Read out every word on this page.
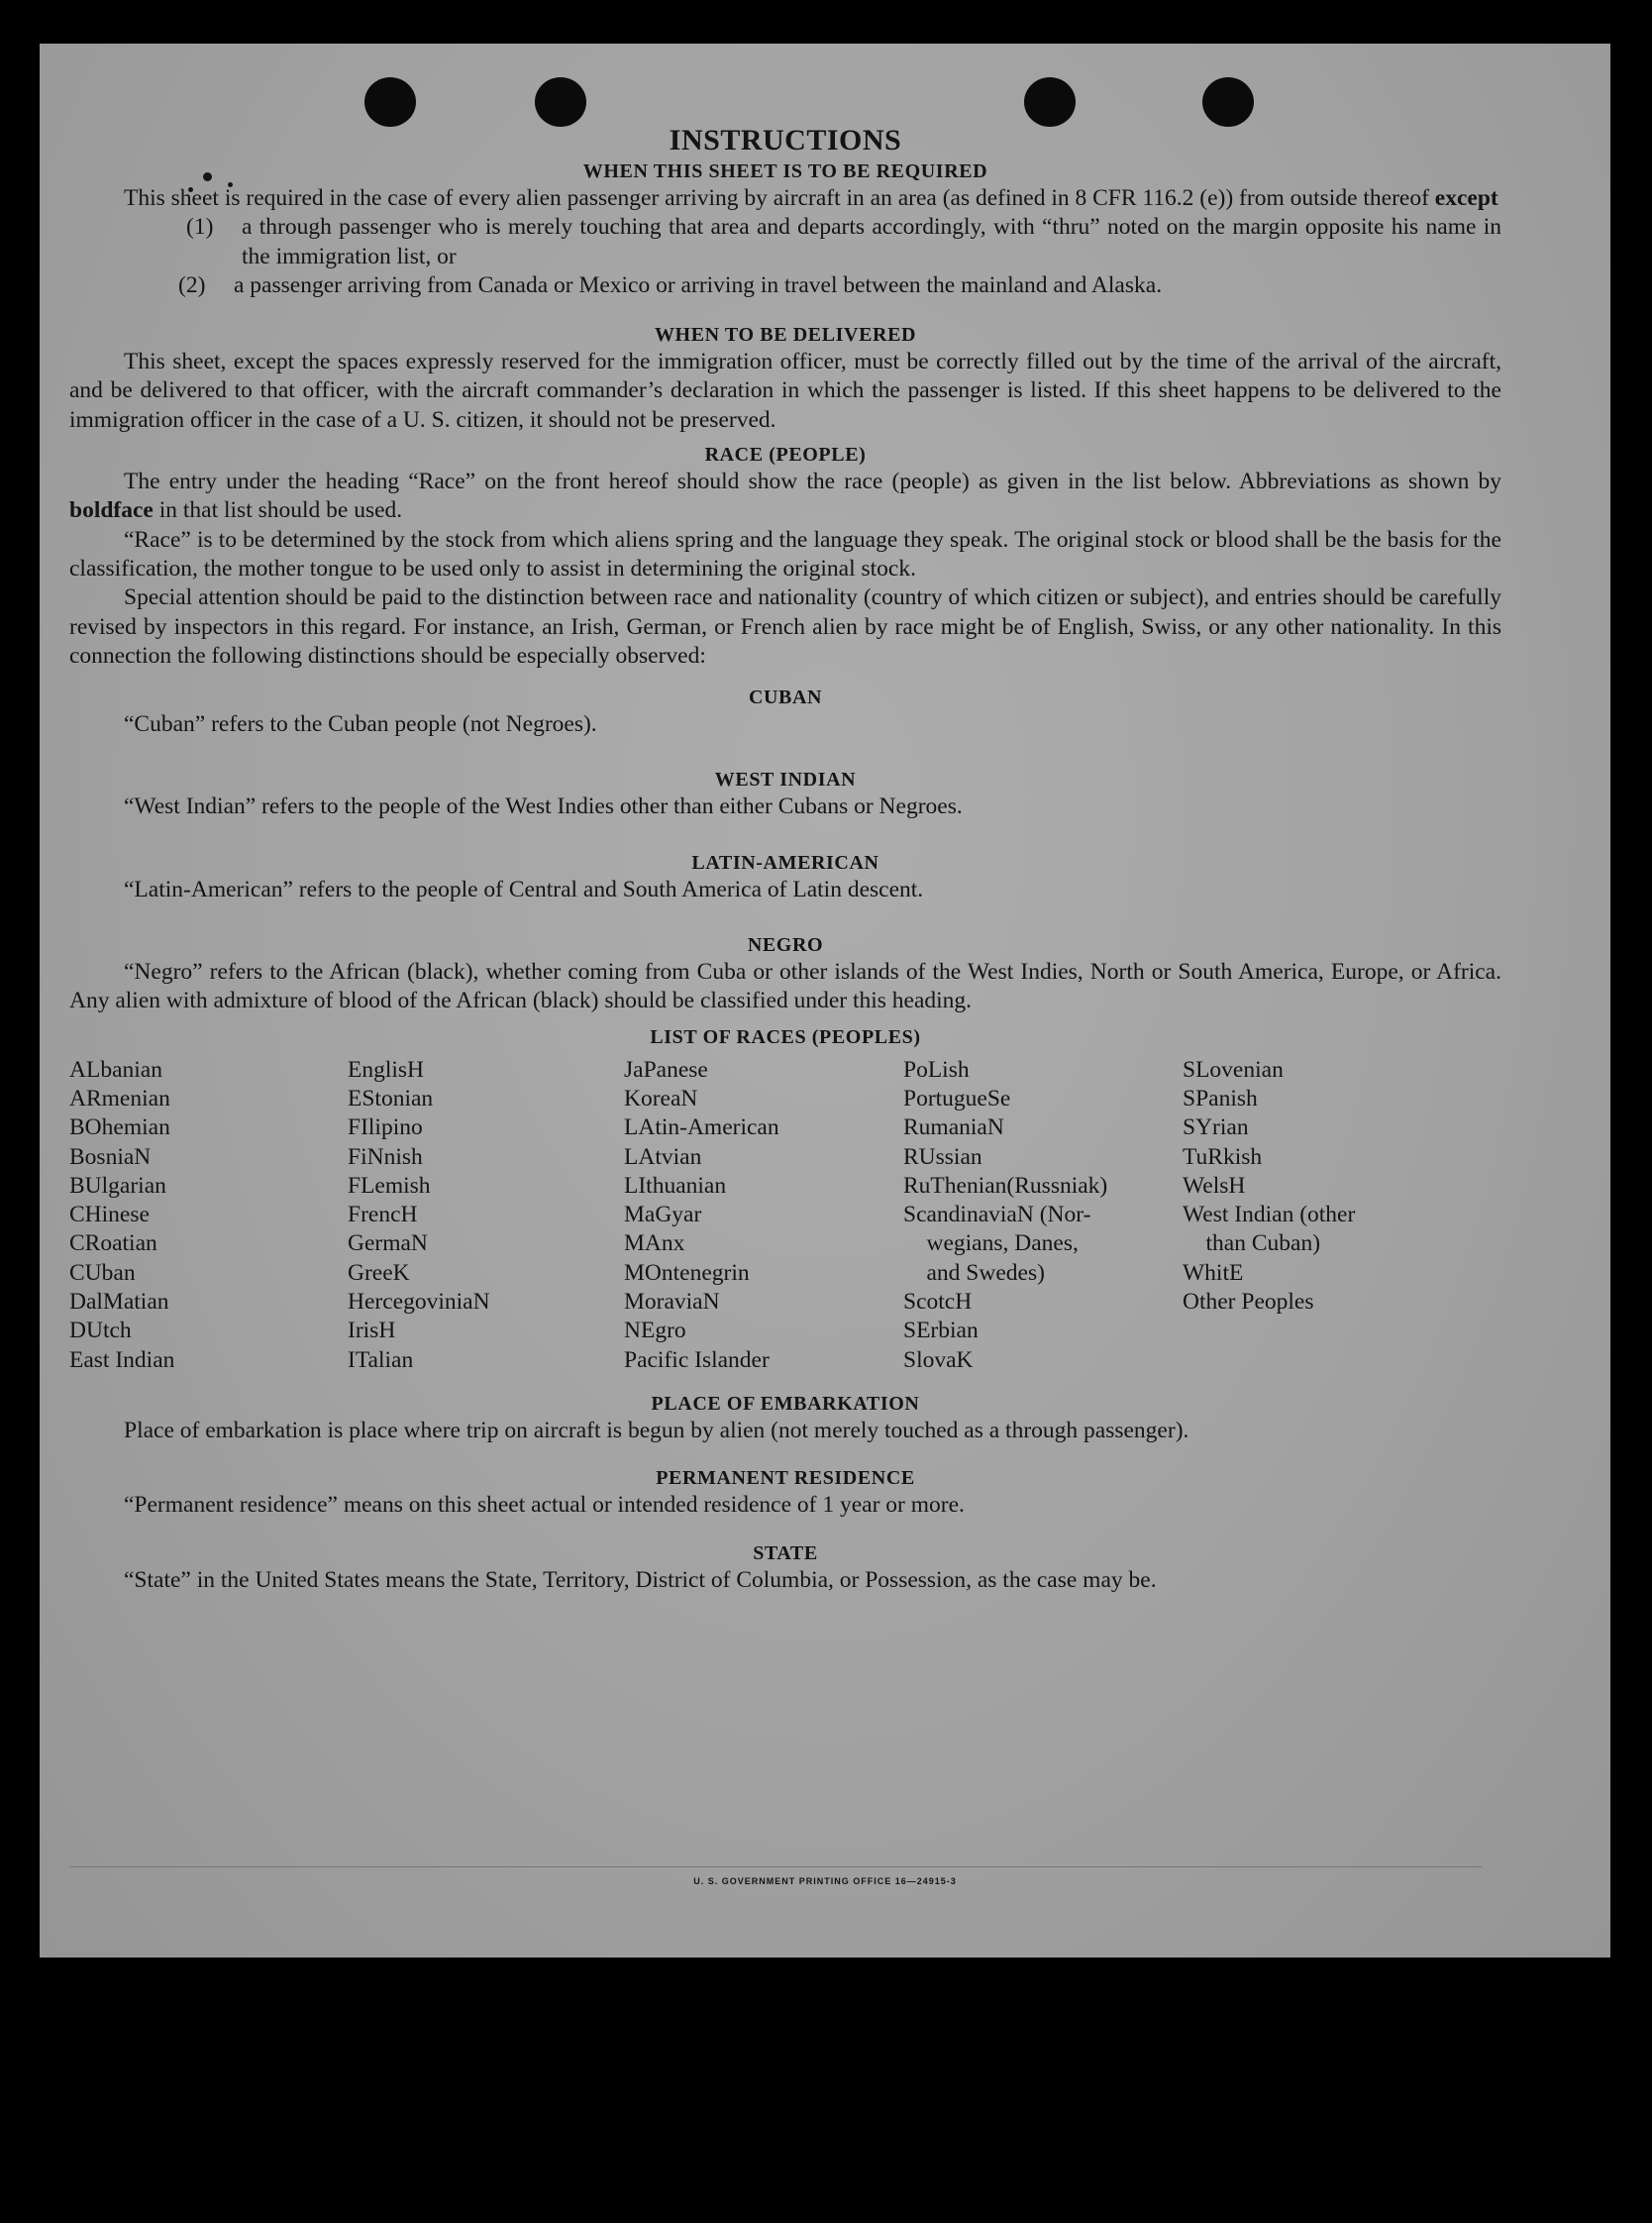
INSTRUCTIONS
WHEN THIS SHEET IS TO BE REQUIRED

This sheet is required in the case of every alien passenger arriving by aircraft in an area (as defined in 8 CFR 116.2 (e)) from outside thereof except

(1)	a through passenger who is merely touching that area and departs accordingly, with “thru” noted on the margin opposite his name in the immigration list, or
(2)	a passenger arriving from Canada or Mexico or arriving in travel between the mainland and Alaska.
WHEN TO BE DELIVERED

This sheet, except the spaces expressly reserved for the immigration officer, must be correctly filled out by the time of the arrival of the aircraft, and be delivered to that officer, with the aircraft commander’s declaration in which the passenger is listed. If this sheet happens to be delivered to the immigration officer in the case of a U. S. citizen, it should not be preserved.

RACE (PEOPLE)

The entry under the heading “Race” on the front hereof should show the race (people) as given in the list below. Abbreviations as shown by boldface in that list should be used.

“Race” is to be determined by the stock from which aliens spring and the language they speak. The original stock or blood shall be the basis for the classification, the mother tongue to be used only to assist in determining the original stock.

Special attention should be paid to the distinction between race and nationality (country of which citizen or subject), and entries should be carefully revised by inspectors in this regard. For instance, an Irish, German, or French alien by race might be of English, Swiss, or any other nationality. In this connection the following distinctions should be especially observed:

CUBAN

“Cuban” refers to the Cuban people (not Negroes).

WEST INDIAN

“West Indian” refers to the people of the West Indies other than either Cubans or Negroes.

LATIN-AMERICAN

“Latin-American” refers to the people of Central and South America of Latin descent.

NEGRO

“Negro” refers to the African (black), whether coming from Cuba or other islands of the West Indies, North or South America, Europe, or Africa. Any alien with admixture of blood of the African (black) should be classified under this heading.

LIST OF RACES (PEOPLES)
ALbanian
ARmenian
BOhemian
BosniaN
BUlgarian
CHinese
CRoatian
CUban
DalMatian
DUtch
East Indian
EnglisH
EStonian
FIlipino
FiNnish
FLemish
FrencH
GermaN
GreeK
HercegoviniaN
IrisH
ITalian
JaPanese
KoreaN
LAtin-American
LAtvian
LIthuanian
MaGyar
MAnx
MOntenegrin
MoraviaN
NEgro
Pacific Islander
PoLish
PortugueSe
RumaniaN
RUssian
RuThenian(Russniak)
ScandinaviaN (Nor-
 wegians, Danes,
 and Swedes)
ScotcH
SErbian
SlovaK
SLovenian
SPanish
SYrian
TuRkish
WelsH
West Indian (other
 than Cuban)
WhitE
Other Peoples
PLACE OF EMBARKATION

Place of embarkation is place where trip on aircraft is begun by alien (not merely touched as a through passenger).

PERMANENT RESIDENCE

“Permanent residence” means on this sheet actual or intended residence of 1 year or more.

STATE

“State” in the United States means the State, Territory, District of Columbia, or Possession, as the case may be.

U. S. GOVERNMENT PRINTING OFFICE 16—24915-3
